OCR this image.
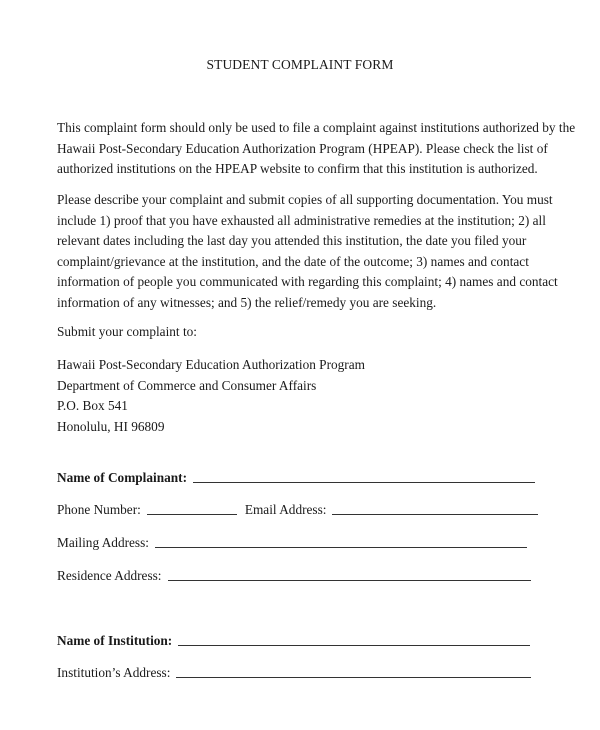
STUDENT COMPLAINT FORM

This complaint form should only be used to file a complaint against institutions authorized by the
Hawaii Post-Secondary Education Authorization Program (HPEAP). Please check the list of
authorized institutions on the HPEAP website to confirm that this institution is authorized.

Please describe your complaint and submit copies of all supporting documentation. You must
include 1) proof that you have exhausted all administrative remedies at the institution; 2) all
relevant dates including the last day you attended this institution, the date you filed your
complaint/grievance at the institution, and the date of the outcome; 3) names and contact
information of people you communicated with regarding this complaint; 4) names and contact
information of any witnesses; and 5) the relief/remedy you are seeking.

Submit your complaint to:

Hawaii Post-Secondary Education Authorization Program
Department of Commerce and Consumer Affairs
P.O. Box 541
Honolulu, HI 96809

Name of Complainant:
Phone Number:	Email Address:
Mailing Address:
Residence Address:
Name of Institution:
Institution’s Address:
